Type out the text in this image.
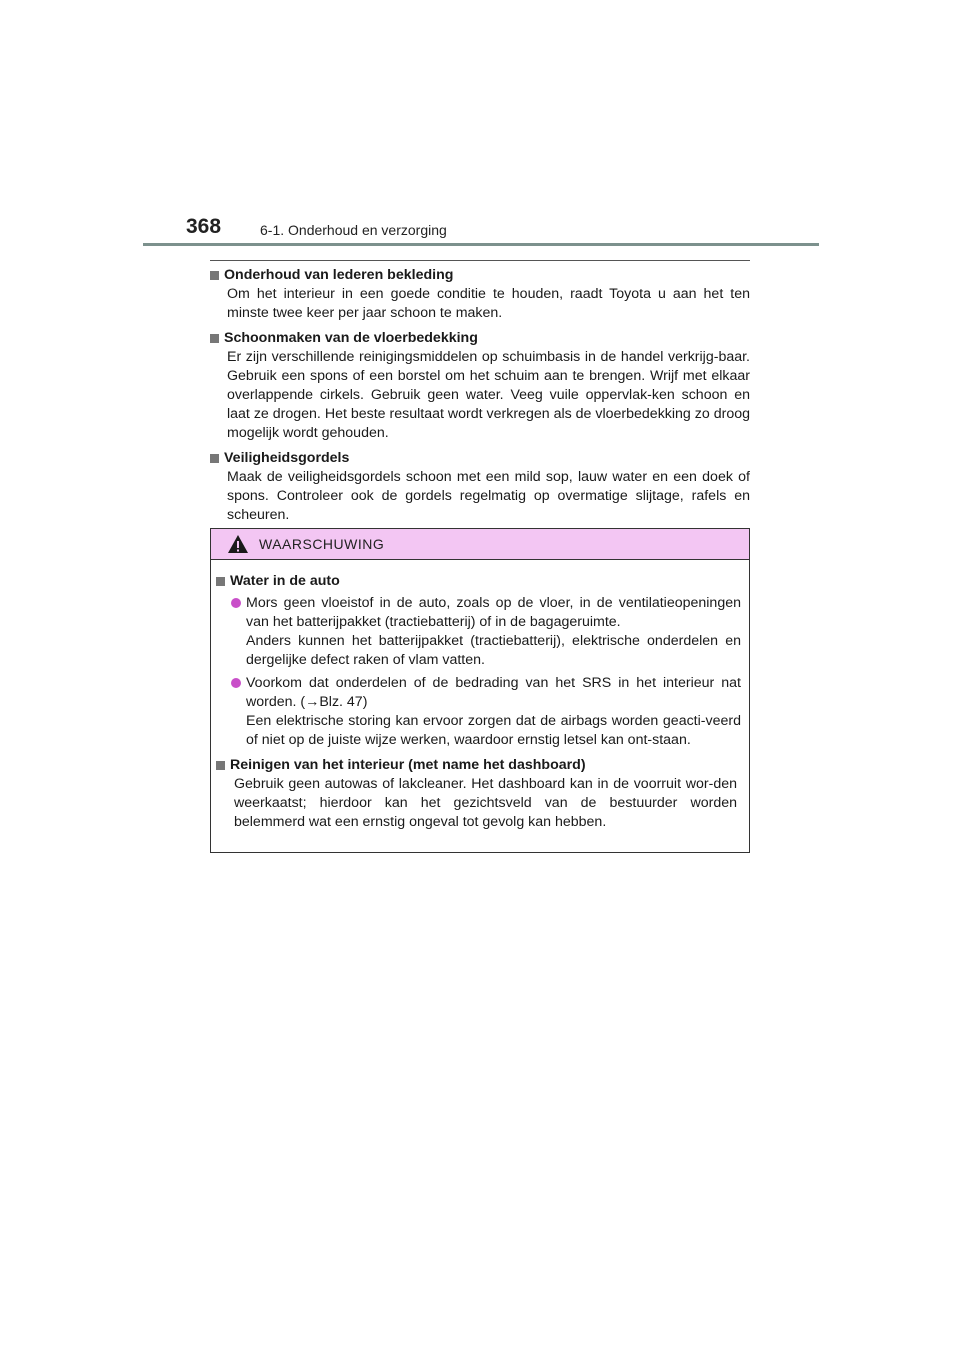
368	6-1. Onderhoud en verzorging
Onderhoud van lederen bekleding
Om het interieur in een goede conditie te houden, raadt Toyota u aan het ten minste twee keer per jaar schoon te maken.
Schoonmaken van de vloerbedekking
Er zijn verschillende reinigingsmiddelen op schuimbasis in de handel verkrijg-baar. Gebruik een spons of een borstel om het schuim aan te brengen. Wrijf met elkaar overlappende cirkels. Gebruik geen water. Veeg vuile oppervlak-ken schoon en laat ze drogen. Het beste resultaat wordt verkregen als de vloerbedekking zo droog mogelijk wordt gehouden.
Veiligheidsgordels
Maak de veiligheidsgordels schoon met een mild sop, lauw water en een doek of spons. Controleer ook de gordels regelmatig op overmatige slijtage, rafels en scheuren.
WAARSCHUWING
Water in de auto
Mors geen vloeistof in de auto, zoals op de vloer, in de ventilatieopeningen van het batterijpakket (tractiebatterij) of in de bagageruimte.
Anders kunnen het batterijpakket (tractiebatterij), elektrische onderdelen en dergelijke defect raken of vlam vatten.
Voorkom dat onderdelen of de bedrading van het SRS in het interieur nat worden. (→Blz. 47)
Een elektrische storing kan ervoor zorgen dat de airbags worden geacti-veerd of niet op de juiste wijze werken, waardoor ernstig letsel kan ont-staan.
Reinigen van het interieur (met name het dashboard)
Gebruik geen autowas of lakcleaner. Het dashboard kan in de voorruit wor-den weerkaatst; hierdoor kan het gezichtsveld van de bestuurder worden belemmerd wat een ernstig ongeval tot gevolg kan hebben.
